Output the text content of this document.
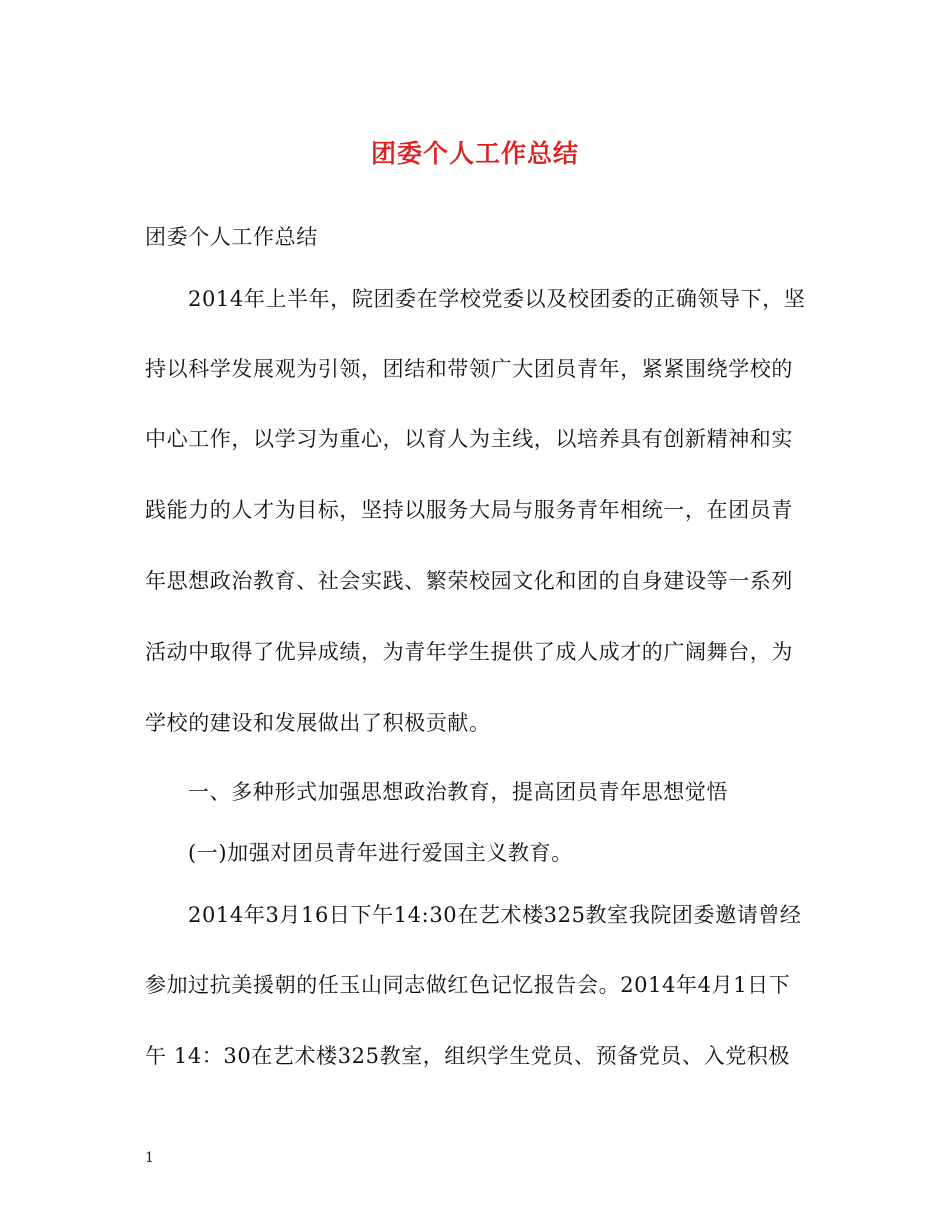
团委个人工作总结
团委个人工作总结
2014年上半年，院团委在学校党委以及校团委的正确领导下，坚
持以科学发展观为引领，团结和带领广大团员青年，紧紧围绕学校的
中心工作，以学习为重心，以育人为主线，以培养具有创新精神和实
践能力的人才为目标，坚持以服务大局与服务青年相统一，在团员青
年思想政治教育、社会实践、繁荣校园文化和团的自身建设等一系列
活动中取得了优异成绩，为青年学生提供了成人成才的广阔舞台，为
学校的建设和发展做出了积极贡献。
一、多种形式加强思想政治教育，提高团员青年思想觉悟
(一)加强对团员青年进行爱国主义教育。
2014年3月16日下午14:30在艺术楼325教室我院团委邀请曾经
参加过抗美援朝的任玉山同志做红色记忆报告会。2014年4月1日下
午 14：30在艺术楼325教室，组织学生党员、预备党员、入党积极
1
